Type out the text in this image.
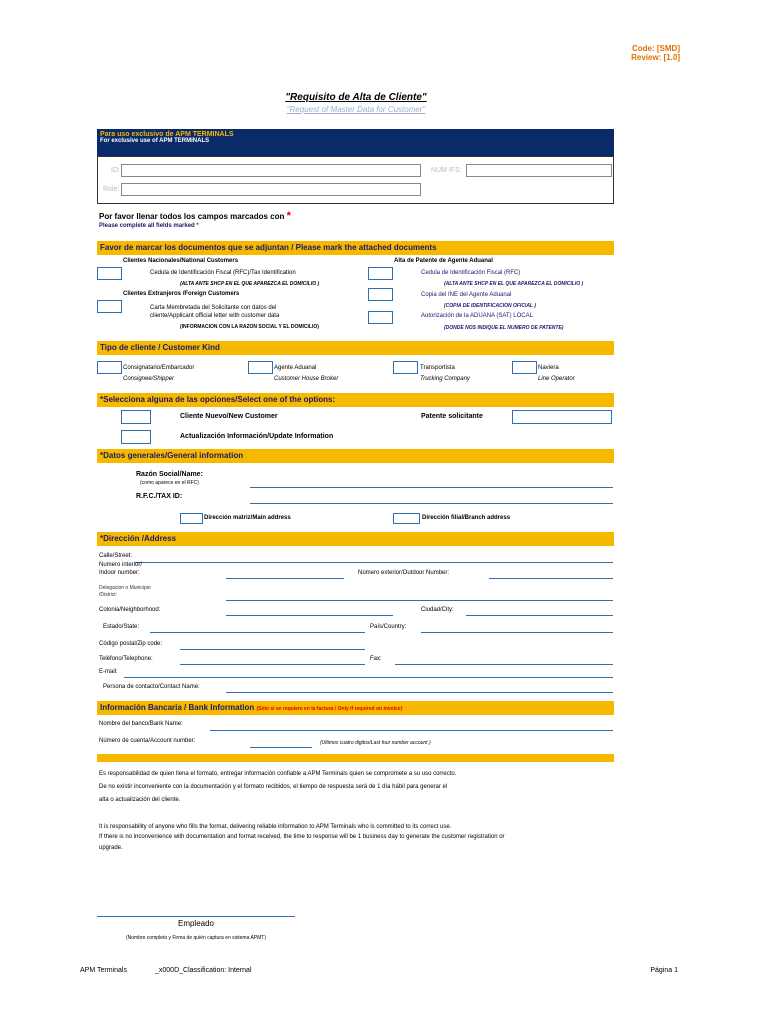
Code: [SMD]
Review: [1.0]
"Requisito de Alta de Cliente"
"Request of Master Data for Customer"
Para uso exclusivo de APM TERMINALS
For exclusive use of APM TERMINALS
ID:	NUM IFS:
Role:
Por favor llenar todos los campos marcados con *
Please complete all fields marked *
Favor de marcar los documentos que se adjuntan / Please mark the attached documents
Clientes Nacionales/National Customers
Cedula de Identificación Fiscal (RFC)/Tax Identification
(ALTA ANTE SHCP EN EL QUE APAREZCA EL DOMICILIO )
Clientes Extranjeros /Foreign Customers
Carta Membretada del Solicitante con datos del
cliente/Applicant official letter with customer data
(INFORMACION CON LA RAZON SOCIAL Y EL DOMICILIO)
Alta de Patente de Agente Aduanal
Cedula de Identificación Fiscal (RFC)
(ALTA ANTE SHCP EN EL QUE APAREZCA EL DOMICILIO )
Copia del INE del Agente Aduanal
(COPIA DE IDENTIFICACION OFICIAL )
Autorización de la ADUANA (SAT) LOCAL
(DONDE NOS INDIQUE EL NUMERO DE PATENTE)
Tipo de cliente / Customer Kind
Consignatario/Embarcador
Consignee/Shipper
Agente Aduanal
Customer House Broker
Transportista
Trucking Company
Naviera
Line Operator
*Selecciona alguna de las opciones/Select one of the options:
Cliente Nuevo/New Customer	Patente solicitante
Actualización Información/Update Information
*Datos generales/General information
Razón Social/Name:
(como aparece en el RFC)
R.F.C./TAX ID:
Dirección matriz/Main address	Dirección filial/Branch address
*Dirección /Address
Calle/Street:
Numero interior/
Indoor number:	Número exterior/Outdoor Number:
Delegacion o Municipio
/District:
Colonia/Neighborhood:	Ciudad/City:
Estado/State:	País/Country:
Código postal/Zip code:
Teléfono/Telephone:	Fax:
E-mail:
Persona de contacto/Contact Name:
Información Bancaria / Bank Information (Sólo si se requiere en la factura / Only if required on invoice)
Nombre del banco/Bank Name:
Número de cuenta/Account number:	(Ultimos cuatro digitos/Last four number account )
Es responsabilidad de quien llena el formato, entregar información confiable a APM Terminals quien se compromete a su uso correcto.
De no existir inconveniente con la documentación y el formato recibidos, el tiempo de respuesta será de 1 día hábil para generar el
alta o actualización del cliente.
It is responsability of anyone who fills the format, delivering reliable information to APM Terminals who is committed to its correct use.
If there is no inconvenience with documentation and format received, the time to response will be 1 business day to generate the customer registration or
upgrade.
Empleado
(Nombre completo y Firma de quién captura en sistema APMT)
APM Terminals	_x000D_Classification: Internal	Página 1
